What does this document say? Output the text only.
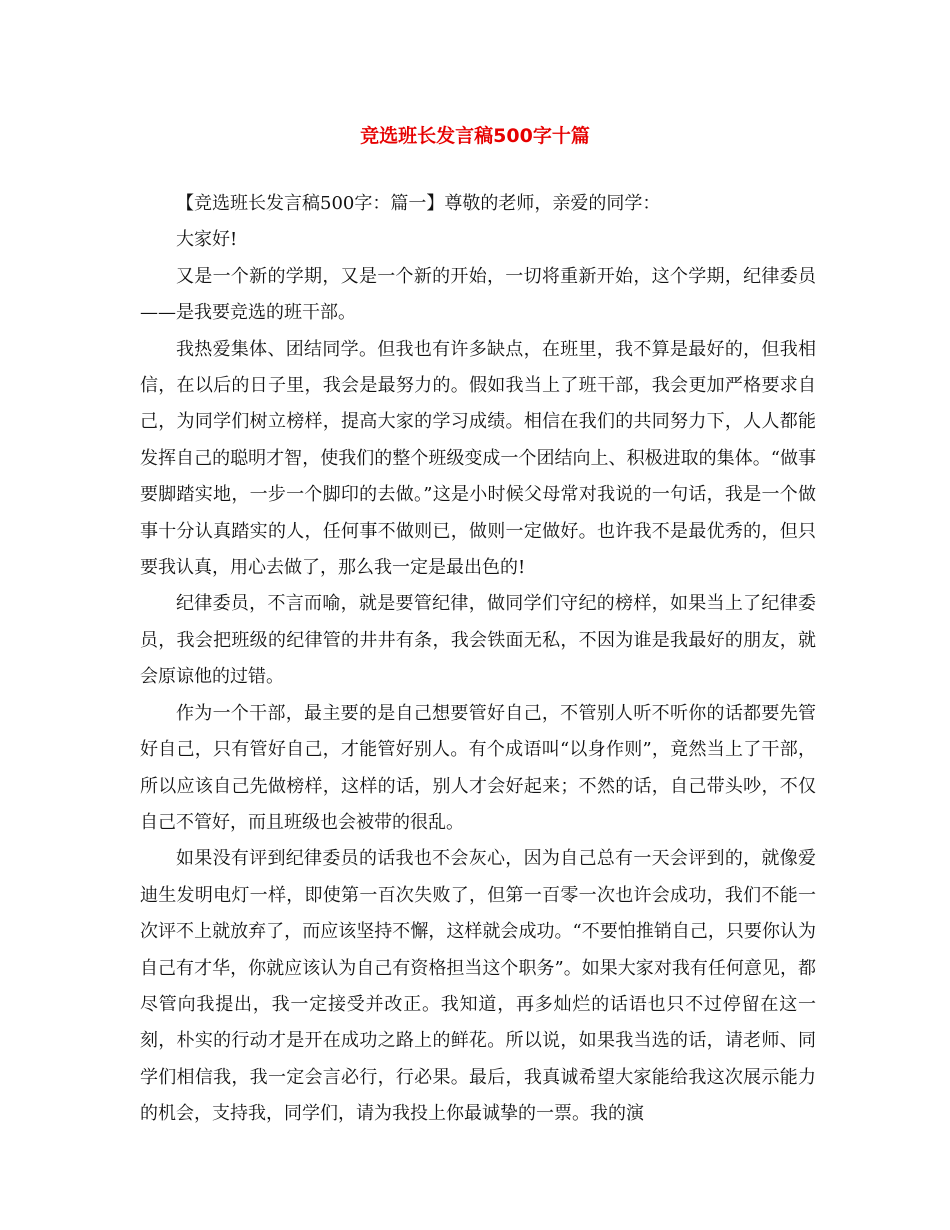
竞选班长发言稿500字十篇

【竞选班长发言稿500字：篇一】尊敬的老师，亲爱的同学：

大家好!

又是一个新的学期，又是一个新的开始，一切将重新开始，这个学期，纪律委员——是我要竞选的班干部。

我热爱集体、团结同学。但我也有许多缺点，在班里，我不算是最好的，但我相信，在以后的日子里，我会是最努力的。假如我当上了班干部，我会更加严格要求自己，为同学们树立榜样，提高大家的学习成绩。相信在我们的共同努力下，人人都能发挥自己的聪明才智，使我们的整个班级变成一个团结向上、积极进取的集体。“做事要脚踏实地，一步一个脚印的去做。”这是小时候父母常对我说的一句话，我是一个做事十分认真踏实的人，任何事不做则已，做则一定做好。也许我不是最优秀的，但只要我认真，用心去做了，那么我一定是最出色的!

纪律委员，不言而喻，就是要管纪律，做同学们守纪的榜样，如果当上了纪律委员，我会把班级的纪律管的井井有条，我会铁面无私，不因为谁是我最好的朋友，就会原谅他的过错。

作为一个干部，最主要的是自己想要管好自己，不管别人听不听你的话都要先管好自己，只有管好自己，才能管好别人。有个成语叫“以身作则”，竟然当上了干部，所以应该自己先做榜样，这样的话，别人才会好起来；不然的话，自己带头吵，不仅自己不管好，而且班级也会被带的很乱。

如果没有评到纪律委员的话我也不会灰心，因为自己总有一天会评到的，就像爱迪生发明电灯一样，即使第一百次失败了，但第一百零一次也许会成功，我们不能一次评不上就放弃了，而应该坚持不懈，这样就会成功。“不要怕推销自己，只要你认为自己有才华，你就应该认为自己有资格担当这个职务”。如果大家对我有任何意见，都尽管向我提出，我一定接受并改正。我知道，再多灿烂的话语也只不过停留在这一刻，朴实的行动才是开在成功之路上的鲜花。所以说，如果我当选的话，请老师、同学们相信我，我一定会言必行，行必果。最后，我真诚希望大家能给我这次展示能力的机会，支持我，同学们，请为我投上你最诚挚的一票。我的演
